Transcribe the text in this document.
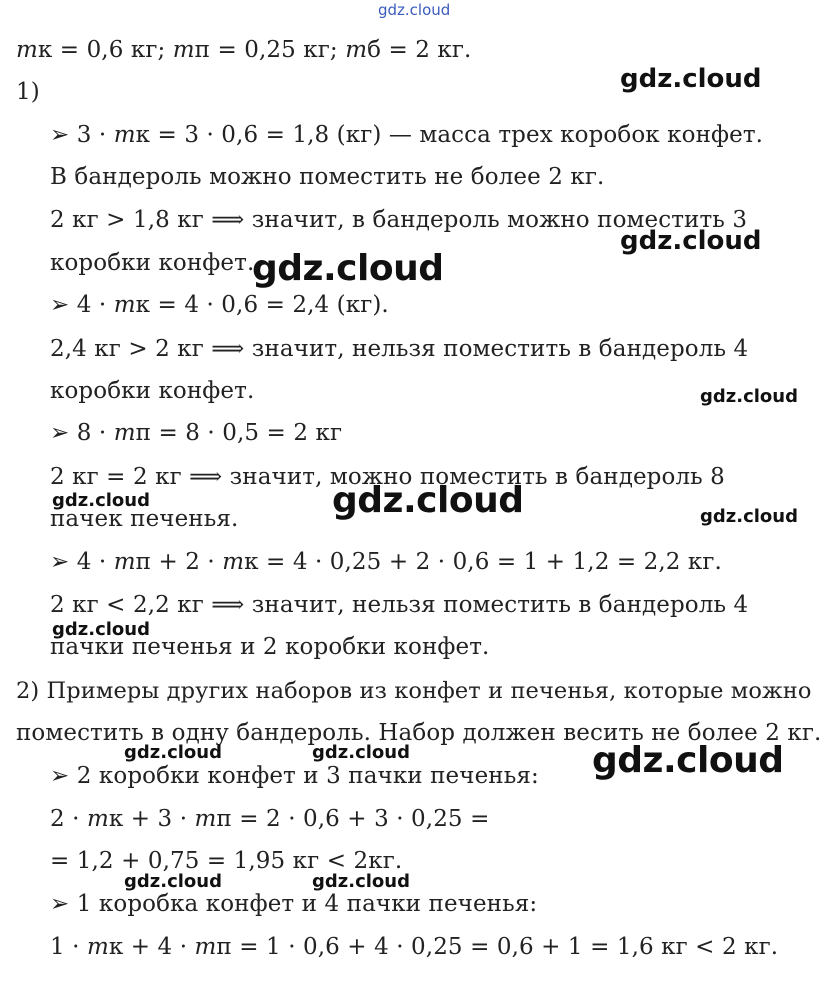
𝑚к = 0,6 кг; 𝑚п = 0,25 кг; 𝑚б = 2 кг.
1)
➢ 3 · 𝑚к = 3 · 0,6 = 1,8 (кг) — масса трех коробок конфет.
В бандероль можно поместить не более 2 кг.
2 кг > 1,8 кг ⟹ значит, в бандероль можно поместить 3
коробки конфет.
➢ 4 · 𝑚к = 4 · 0,6 = 2,4 (кг).
2,4 кг > 2 кг ⟹ значит, нельзя поместить в бандероль 4
коробки конфет.
➢ 8 · 𝑚п = 8 · 0,5 = 2 кг
2 кг = 2 кг ⟹ значит, можно поместить в бандероль 8
пачек печенья.
➢ 4 · 𝑚п + 2 · 𝑚к = 4 · 0,25 + 2 · 0,6 = 1 + 1,2 = 2,2 кг.
2 кг < 2,2 кг ⟹ значит, нельзя поместить в бандероль 4
пачки печенья и 2 коробки конфет.
2) Примеры других наборов из конфет и печенья, которые можно
поместить в одну бандероль. Набор должен весить не более 2 кг.
➢ 2 коробки конфет и 3 пачки печенья:
2 · 𝑚к + 3 · 𝑚п = 2 · 0,6 + 3 · 0,25 =
= 1,2 + 0,75 = 1,95 кг < 2кг.
➢ 1 коробка конфет и 4 пачки печенья:
1 · 𝑚к + 4 · 𝑚п = 1 · 0,6 + 4 · 0,25 = 0,6 + 1 = 1,6 кг < 2 кг.
gdz.cloud
gdz.cloud
gdz.cloud
gdz.cloud
gdz.cloud
gdz.cloud	gdz.cloud	gdz.cloud
gdz.cloud
gdz.cloud	gdz.cloud	gdz.cloud
gdz.cloud	gdz.cloud
